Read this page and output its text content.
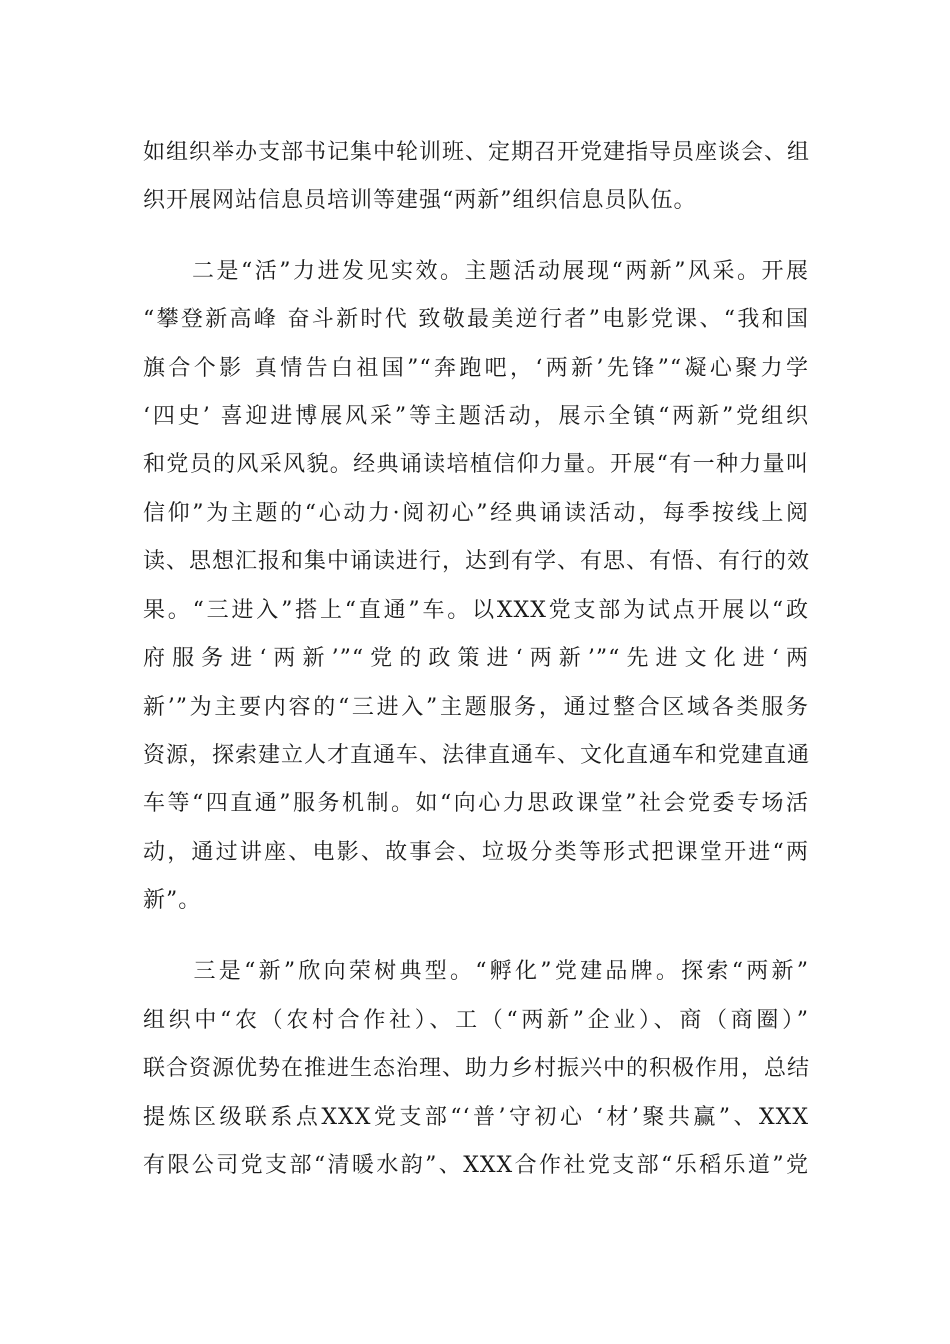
如组织举办支部书记集中轮训班、定期召开党建指导员座谈会、组
织开展网站信息员培训等建强“两新”组织信息员队伍。
　　二是“活”力进发见实效。主题活动展现“两新”风采。开展
“攀登新高峰 奋斗新时代 致敬最美逆行者”电影党课、“我和国
旗合个影 真情告白祖国”“奔跑吧，‘两新’先锋”“凝心聚力学
‘四史’ 喜迎进博展风采”等主题活动，展示全镇“两新”党组织
和党员的风采风貌。经典诵读培植信仰力量。开展“有一种力量叫
信仰”为主题的“心动力·阅初心”经典诵读活动，每季按线上阅
读、思想汇报和集中诵读进行，达到有学、有思、有悟、有行的效
果。“三进入”搭上“直通”车。以XXX党支部为试点开展以“政
府服务进‘两新’”“党的政策进‘两新’”“先进文化进‘两
新’”为主要内容的“三进入”主题服务，通过整合区域各类服务
资源，探索建立人才直通车、法律直通车、文化直通车和党建直通
车等“四直通”服务机制。如“向心力思政课堂”社会党委专场活
动，通过讲座、电影、故事会、垃圾分类等形式把课堂开进“两
新”。
　　三是“新”欣向荣树典型。“孵化”党建品牌。探索“两新”
组织中“农（农村合作社）、工（“两新”企业）、商（商圈）”
联合资源优势在推进生态治理、助力乡村振兴中的积极作用，总结
提炼区级联系点XXX党支部“‘普’守初心 ‘材’聚共赢”、XXX
有限公司党支部“清暖水韵”、XXX合作社党支部“乐稻乐道”党
